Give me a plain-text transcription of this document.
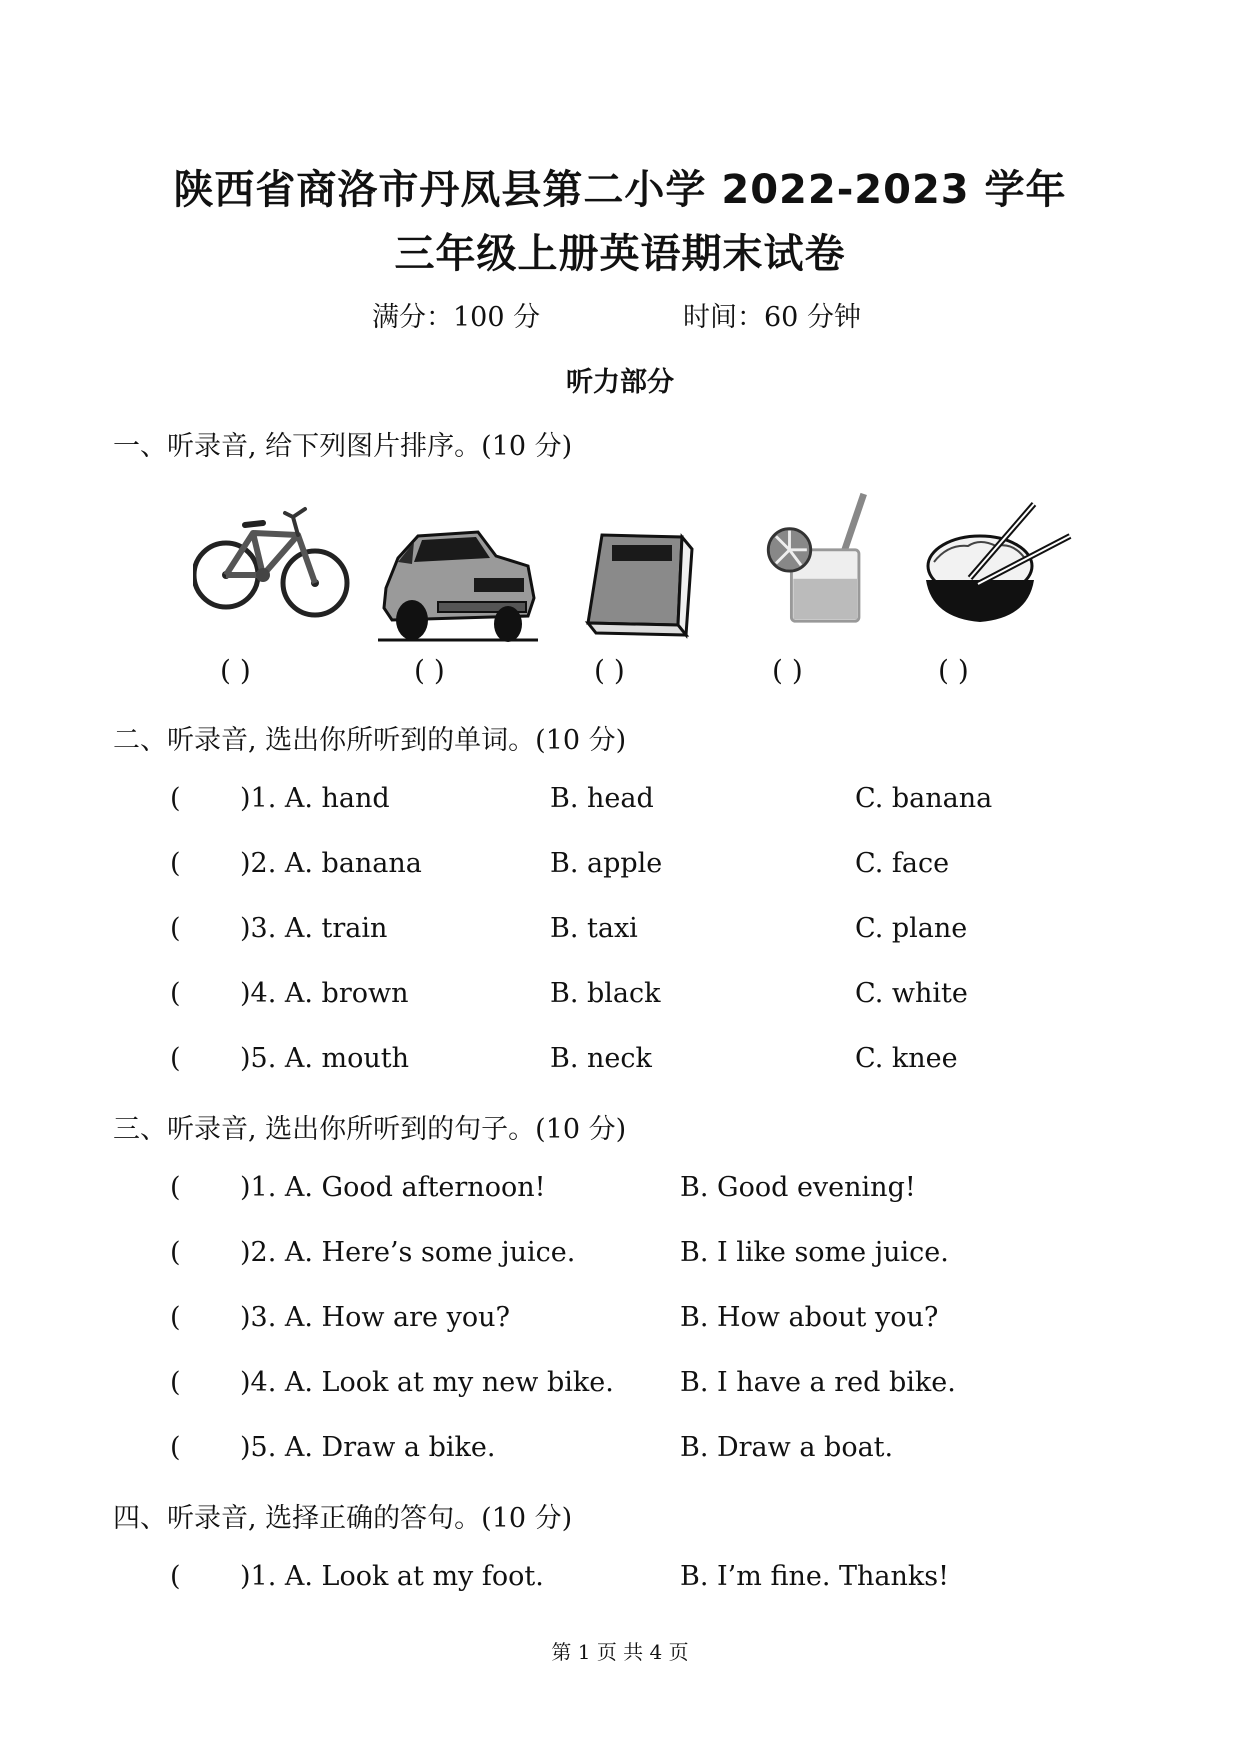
陕西省商洛市丹凤县第二小学 2022-2023 学年
三年级上册英语期末试卷
满分：100 分	时间：60 分钟
听力部分
一、听录音, 给下列图片排序。(10 分)
( )	( )	( )	( )	( )
二、听录音, 选出你所听到的单词。(10 分)
( )1. A. hand	B. head	C. banana
( )2. A. banana	B. apple	C. face
( )3. A. train	B. taxi	C. plane
( )4. A. brown	B. black	C. white
( )5. A. mouth	B. neck	C. knee
三、听录音, 选出你所听到的句子。(10 分)
( )1. A. Good afternoon!	B. Good evening!
( )2. A. Here’s some juice.	B. I like some juice.
( )3. A. How are you?	B. How about you?
( )4. A. Look at my new bike. B. I have a red bike.
( )5. A. Draw a bike.	B. Draw a boat.
四、听录音, 选择正确的答句。(10 分)
( )1. A. Look at my foot.	B. I’m fine. Thanks!
第 1 页 共 4 页
